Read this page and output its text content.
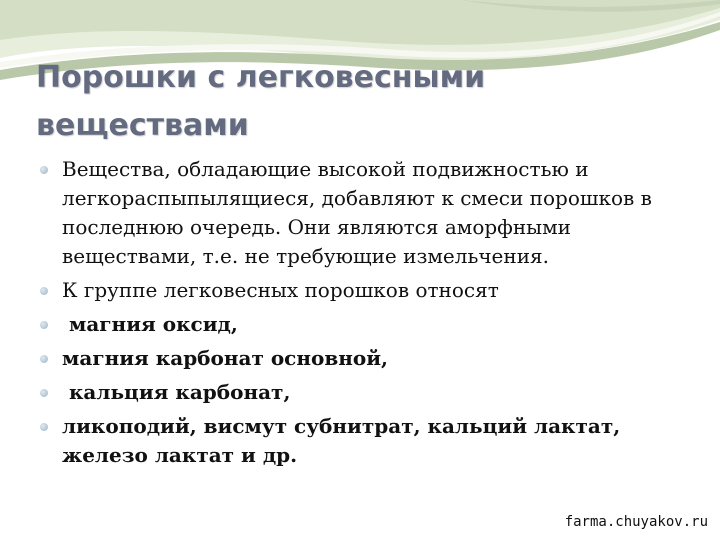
Порошки с легковесными веществами
Вещества, обладающие высокой подвижностью и легкораспыпылящиеся, добавляют к смеси порошков в последнюю очередь. Они являются аморфными веществами, т.е. не требующие измельчения.
К группе легковесных порошков относят
магния оксид,
магния карбонат основной,
кальция карбонат,
ликоподий, висмут субнитрат, кальций лактат, железо лактат и др.
farma.chuyakov.ru
